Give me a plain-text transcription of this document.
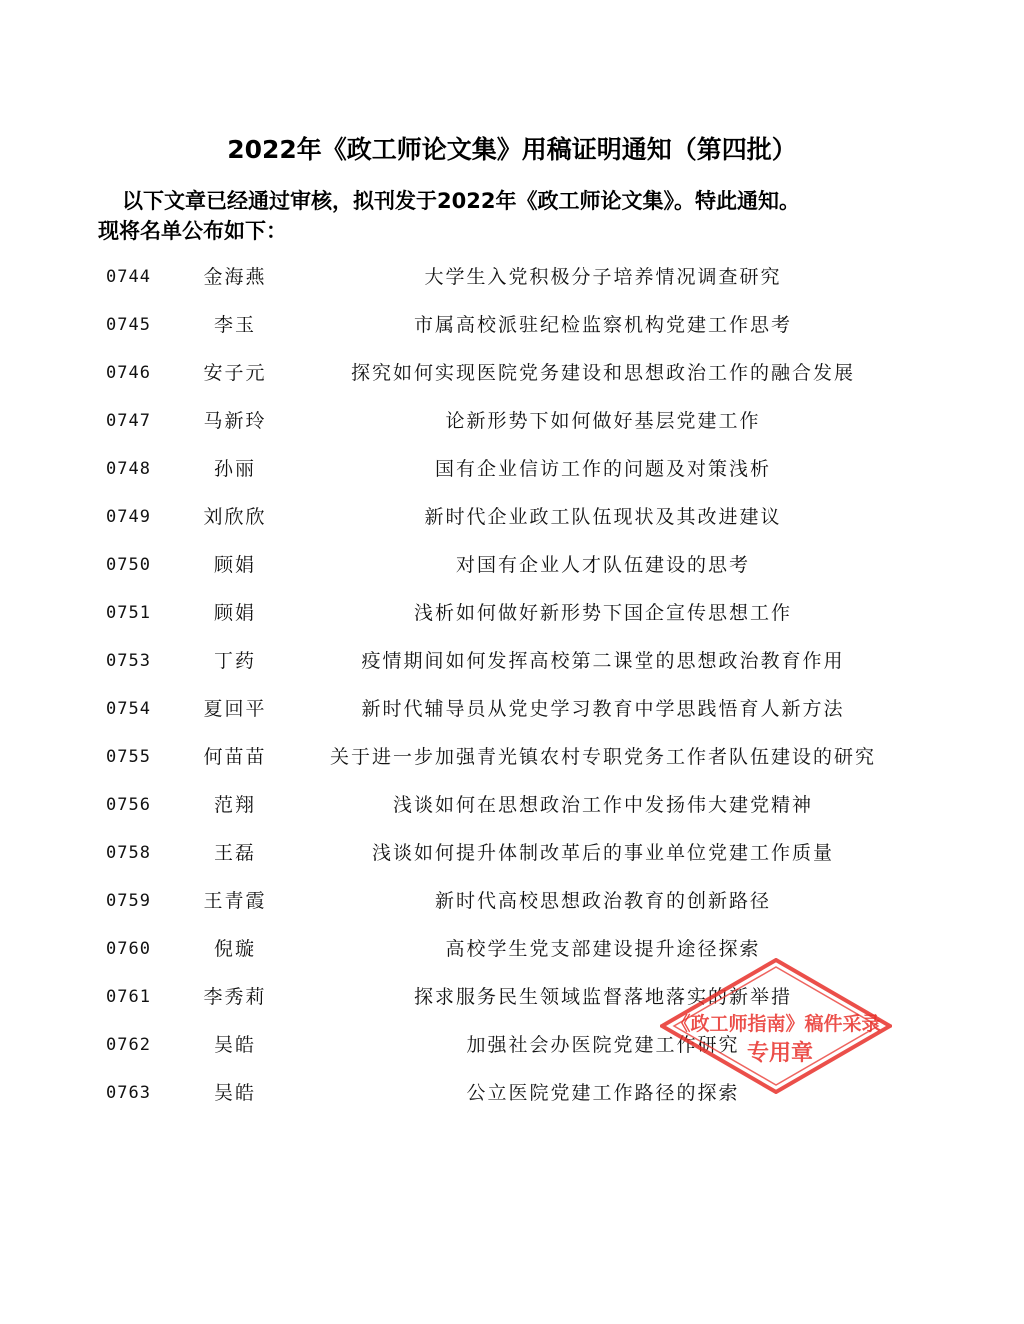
2022年《政工师论文集》用稿证明通知（第四批）
以下文章已经通过审核，拟刊发于2022年《政工师论文集》。特此通知。
现将名单公布如下：
0744	金海燕	大学生入党积极分子培养情况调查研究
0745	李玉	市属高校派驻纪检监察机构党建工作思考
0746	安子元	探究如何实现医院党务建设和思想政治工作的融合发展
0747	马新玲	论新形势下如何做好基层党建工作
0748	孙丽	国有企业信访工作的问题及对策浅析
0749	刘欣欣	新时代企业政工队伍现状及其改进建议
0750	顾娟	对国有企业人才队伍建设的思考
0751	顾娟	浅析如何做好新形势下国企宣传思想工作
0753	丁药	疫情期间如何发挥高校第二课堂的思想政治教育作用
0754	夏回平	新时代辅导员从党史学习教育中学思践悟育人新方法
0755	何苗苗	关于进一步加强青光镇农村专职党务工作者队伍建设的研究
0756	范翔	浅谈如何在思想政治工作中发扬伟大建党精神
0758	王磊	浅谈如何提升体制改革后的事业单位党建工作质量
0759	王青霞	新时代高校思想政治教育的创新路径
0760	倪璇	高校学生党支部建设提升途径探索
0761	李秀莉	探求服务民生领域监督落地落实的新举措
0762	吴皓	加强社会办医院党建工作研究
0763	吴皓	公立医院党建工作路径的探索
《政工师指南》稿件采录
专用章
